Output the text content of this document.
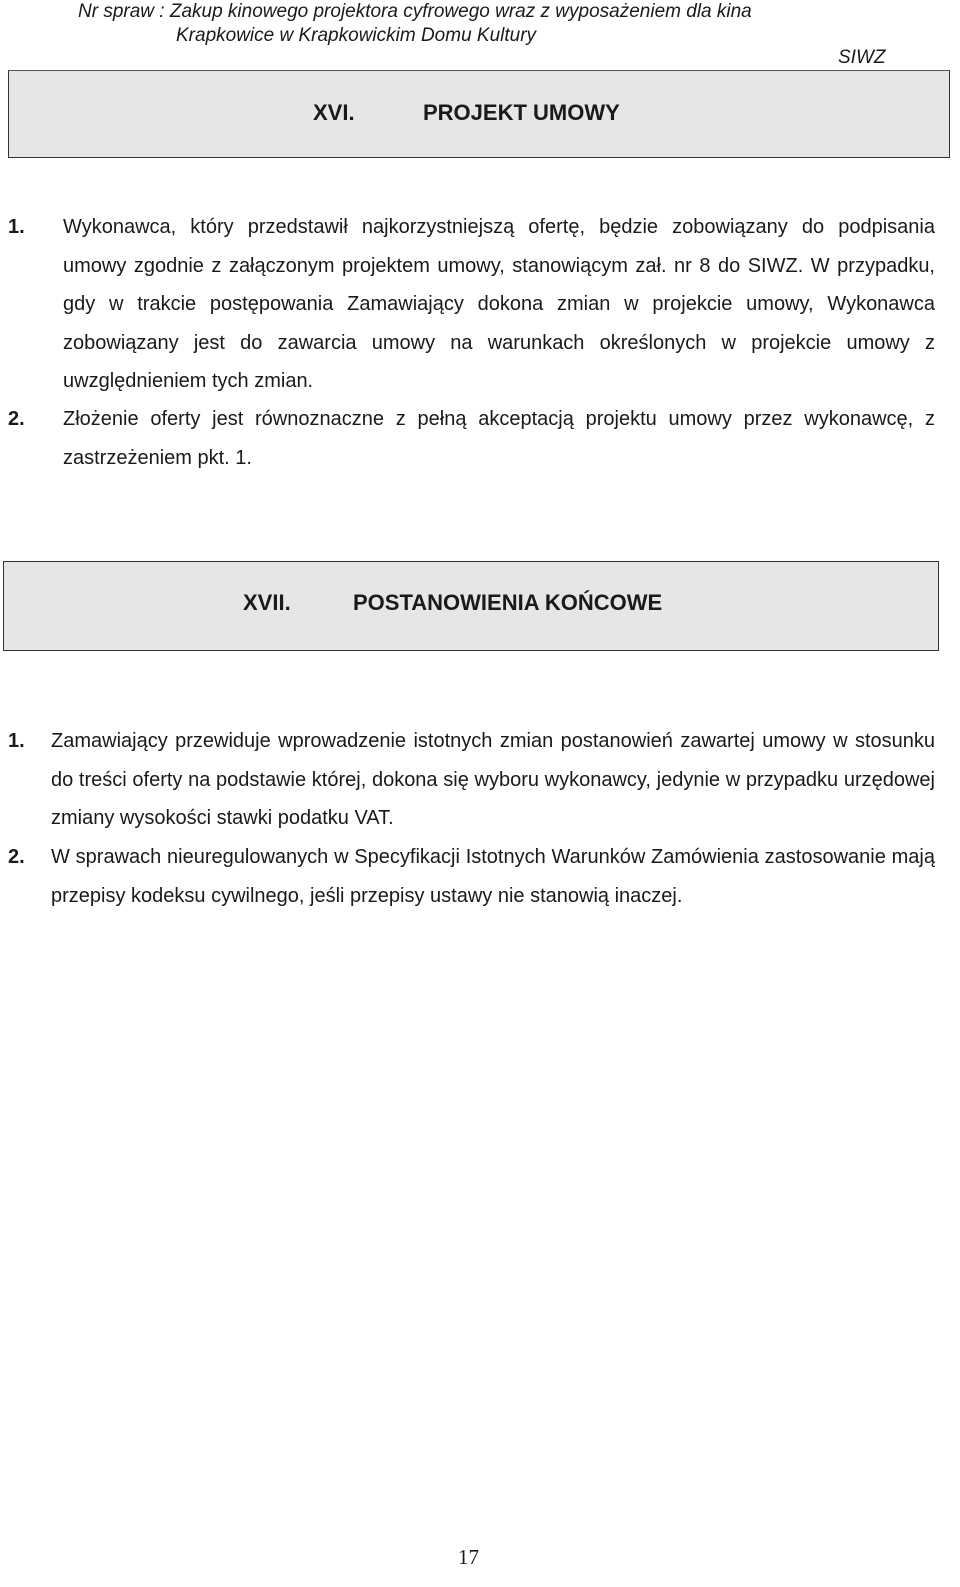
Nr spraw : Zakup kinowego projektora cyfrowego wraz z wyposażeniem dla kina
Krapkowice w Krapkowickim Domu Kultury
SIWZ
XVI.	PROJEKT UMOWY
1. Wykonawca, który przedstawił najkorzystniejszą ofertę, będzie zobowiązany do podpisania umowy zgodnie z załączonym projektem umowy, stanowiącym zał. nr 8 do SIWZ. W przypadku, gdy w trakcie postępowania Zamawiający dokona zmian w projekcie umowy, Wykonawca zobowiązany jest do zawarcia umowy na warunkach określonych w projekcie umowy z uwzględnieniem tych zmian.
2. Złożenie oferty jest równoznaczne z pełną akceptacją projektu umowy przez wykonawcę, z zastrzeżeniem pkt. 1.
XVII.	POSTANOWIENIA KOŃCOWE
1. Zamawiający przewiduje wprowadzenie istotnych zmian postanowień zawartej umowy w stosunku do treści oferty na podstawie której, dokona się wyboru wykonawcy, jedynie w przypadku urzędowej zmiany wysokości stawki podatku VAT.
2. W sprawach nieuregulowanych w Specyfikacji Istotnych Warunków Zamówienia zastosowanie mają przepisy kodeksu cywilnego, jeśli przepisy ustawy nie stanowią inaczej.
17
